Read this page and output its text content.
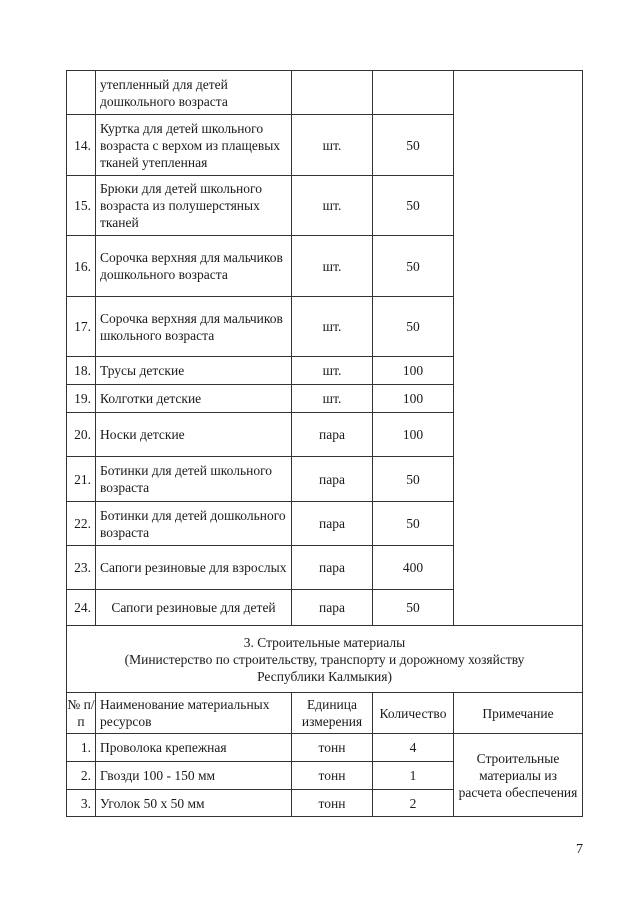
	утепленный для детей дошкольного возраста			
14.	Куртка для детей школьного возраста с верхом из плащевых тканей утепленная	шт.	50	
15.	Брюки для детей школьного возраста из полушерстяных тканей	шт.	50	
16.	Сорочка верхняя для мальчиков дошкольного возраста	шт.	50	
17.	Сорочка верхняя для мальчиков школьного возраста	шт.	50	
18.	Трусы детские	шт.	100	
19.	Колготки детские	шт.	100	
20.	Носки детские	пара	100	
21.	Ботинки для детей школьного возраста	пара	50	
22.	Ботинки для детей дошкольного возраста	пара	50	
23.	Сапоги резиновые для взрослых	пара	400	
24.	Сапоги резиновые для детей	пара	50	

3. Строительные материалы
(Министерство по строительству, транспорту и дорожному хозяйству
Республики Калмыкия)				

№ п/п	Наименование материальных ресурсов	Единица измерения	Количество	Примечание
1.	Проволока крепежная	тонн	4	Строительные материалы из расчета обеспечения
2.	Гвозди 100 - 150 мм	тонн	1	
3.	Уголок 50 х 50 мм	тонн	2	
7
